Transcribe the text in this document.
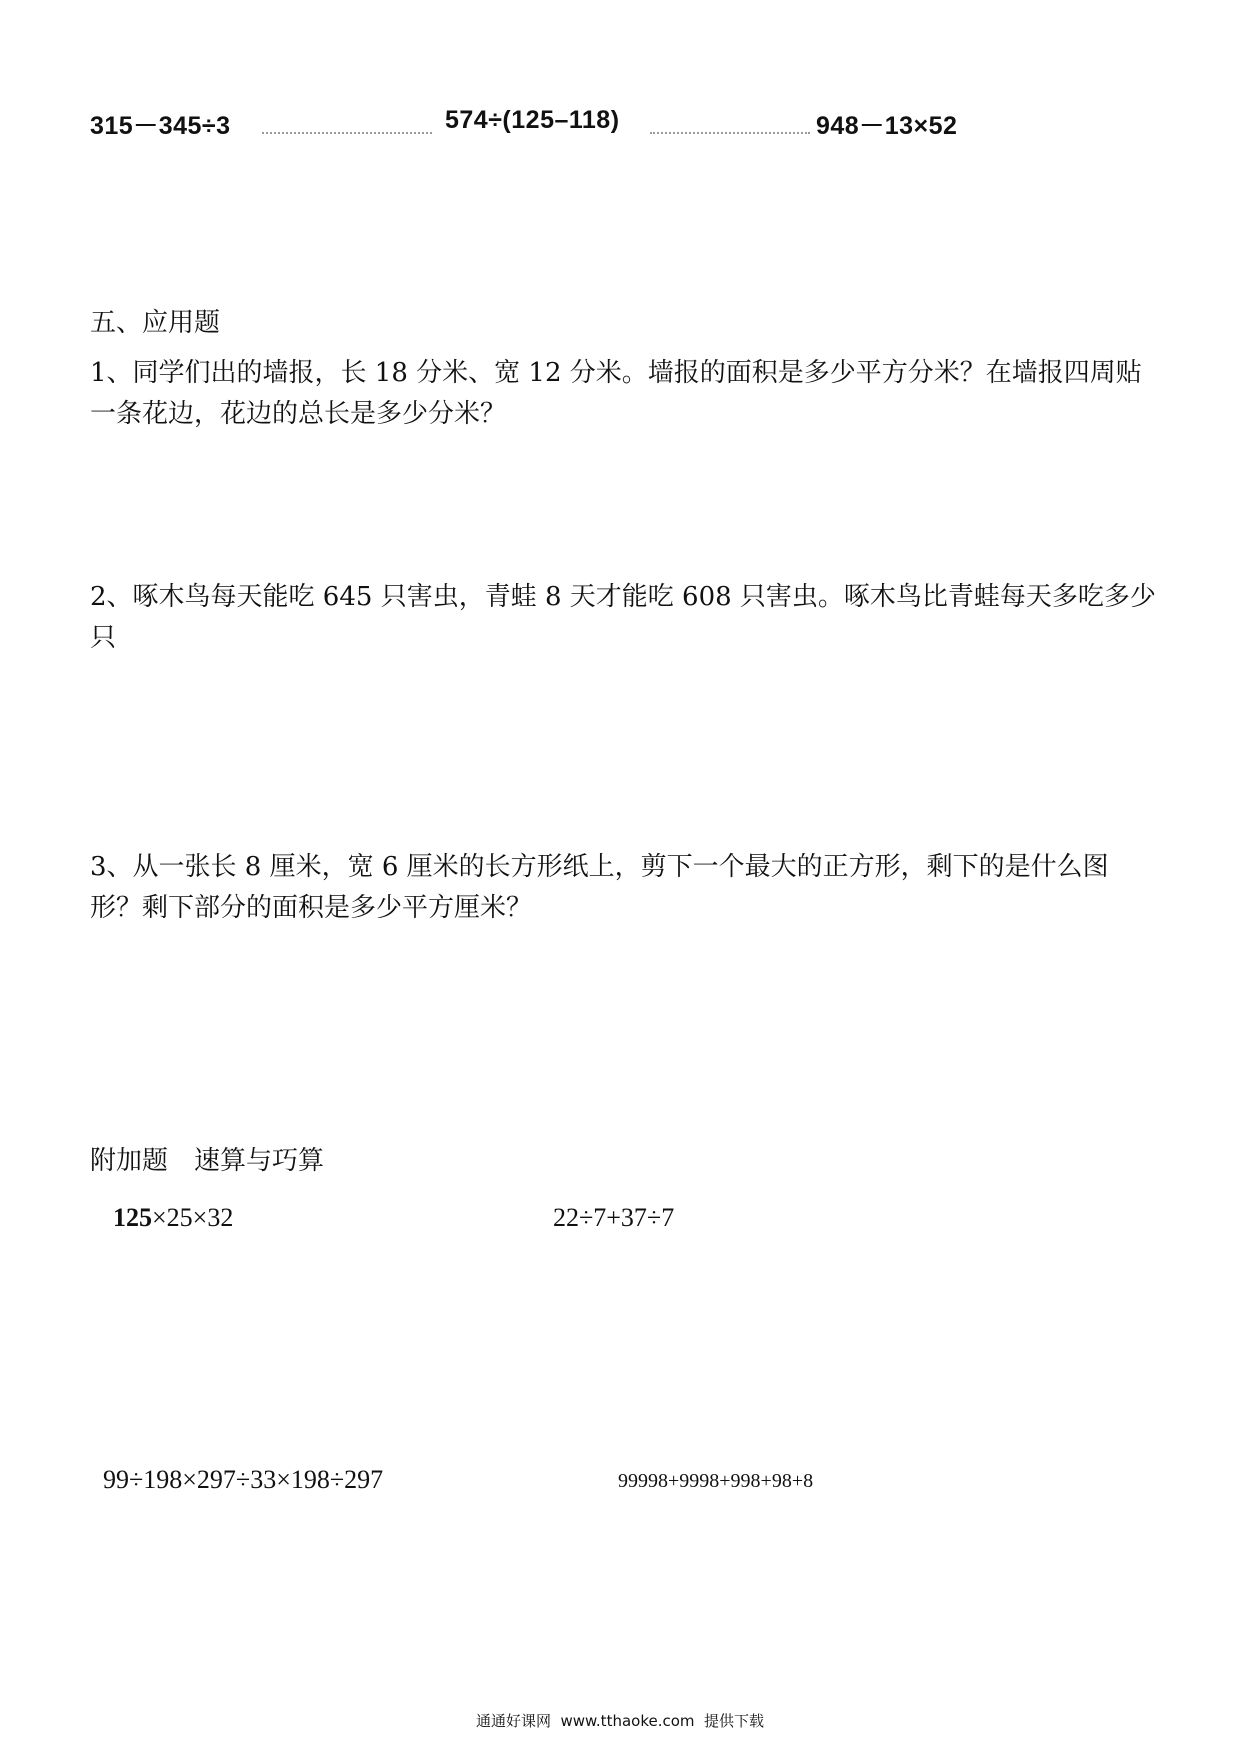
315－345÷3	574÷(125–118)	948－13×52
五、应用题
1、同学们出的墙报，长 18 分米、宽 12 分米。墙报的面积是多少平方分米？在墙报四周贴一条花边，花边的总长是多少分米？
2、啄木鸟每天能吃 645 只害虫，青蛙 8 天才能吃 608 只害虫。啄木鸟比青蛙每天多吃多少只
3、从一张长 8 厘米，宽 6 厘米的长方形纸上，剪下一个最大的正方形，剩下的是什么图形？剩下部分的面积是多少平方厘米？
附加题　速算与巧算
125×25×32	22÷7+37÷7
99÷198×297÷33×198÷297	99998+9998+998+98+8
通通好课网  www.tthaoke.com  提供下载
